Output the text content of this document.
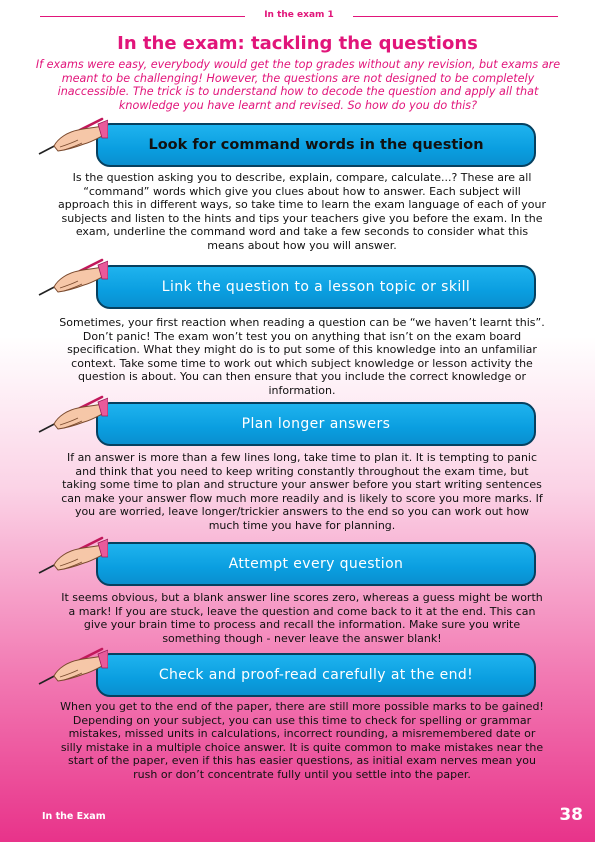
In the exam 1
In the exam: tackling the questions

If exams were easy, everybody would get the top grades without any revision, but exams are meant to be challenging! However, the questions are not designed to be completely inaccessible. The trick is to understand how to decode the question and apply all that knowledge you have learnt and revised. So how do you do this?

Look for command words in the question

Is the question asking you to describe, explain, compare, calculate...? These are all “command” words which give you clues about how to answer. Each subject will approach this in different ways, so take time to learn the exam language of each of your subjects and listen to the hints and tips your teachers give you before the exam. In the exam, underline the command word and take a few seconds to consider what this means about how you will answer.

Link the question to a lesson topic or skill

Sometimes, your first reaction when reading a question can be “we haven’t learnt this”. Don’t panic! The exam won’t test you on anything that isn’t on the exam board specification. What they might do is to put some of this knowledge into an unfamiliar context. Take some time to work out which subject knowledge or lesson activity the question is about. You can then ensure that you include the correct knowledge or information.

Plan longer answers

If an answer is more than a few lines long, take time to plan it. It is tempting to panic and think that you need to keep writing constantly throughout the exam time, but taking some time to plan and structure your answer before you start writing sentences can make your answer flow much more readily and is likely to score you more marks. If you are worried, leave longer/trickier answers to the end so you can work out how much time you have for planning.

Attempt every question

It seems obvious, but a blank answer line scores zero, whereas a guess might be worth a mark! If you are stuck, leave the question and come back to it at the end. This can give your brain time to process and recall the information. Make sure you write something though - never leave the answer blank!

Check and proof-read carefully at the end!

When you get to the end of the paper, there are still more possible marks to be gained! Depending on your subject, you can use this time to check for spelling or grammar mistakes, missed units in calculations, incorrect rounding, a misremembered date or silly mistake in a multiple choice answer. It is quite common to make mistakes near the start of the paper, even if this has easier questions, as initial exam nerves mean you rush or don’t concentrate fully until you settle into the paper.

In the Exam	38
